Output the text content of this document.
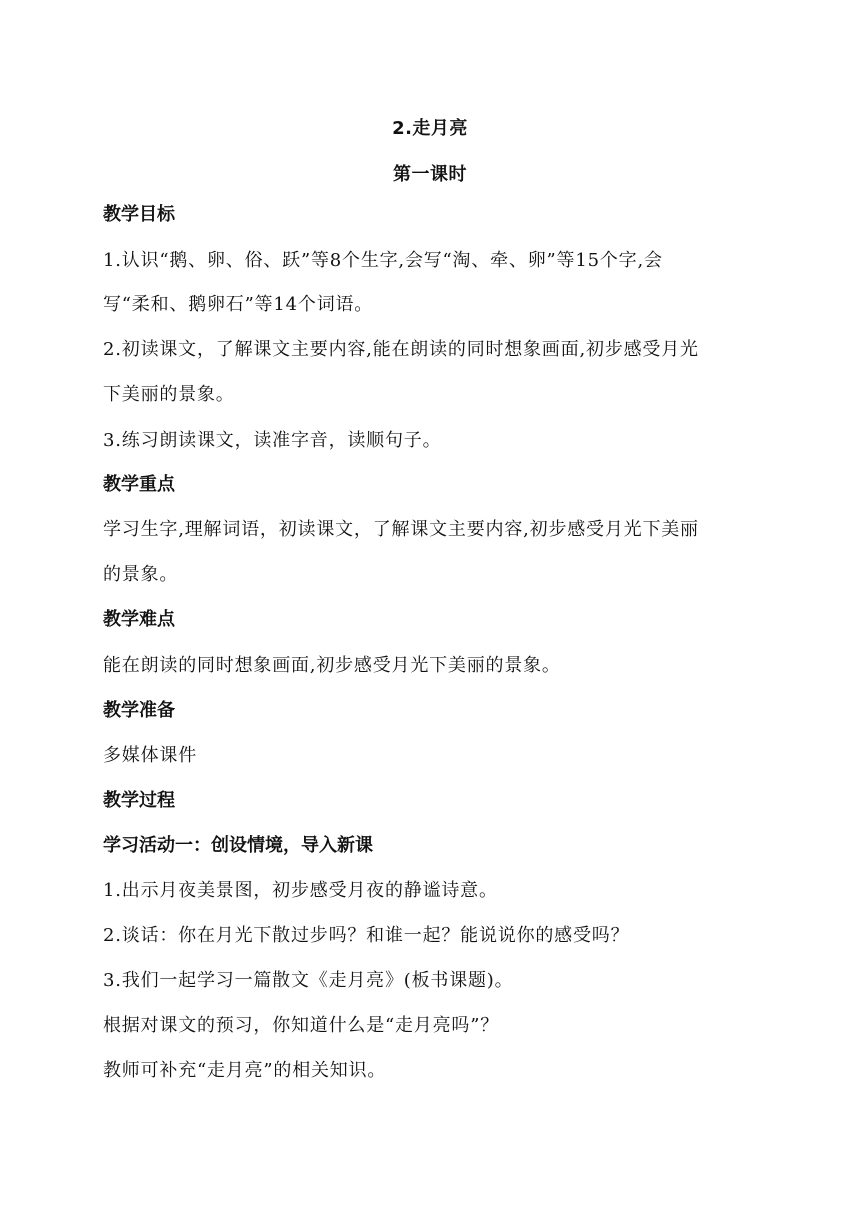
2.走月亮
第一课时
教学目标
1.认识“鹅、卵、俗、跃”等8个生字,会写“淘、牵、卵”等15个字,会
写“柔和、鹅卵石”等14个词语。
2.初读课文，了解课文主要内容,能在朗读的同时想象画面,初步感受月光
下美丽的景象。
3.练习朗读课文，读准字音，读顺句子。
教学重点
学习生字,理解词语，初读课文，了解课文主要内容,初步感受月光下美丽
的景象。
教学难点
能在朗读的同时想象画面,初步感受月光下美丽的景象。
教学准备
多媒体课件
教学过程
学习活动一：创设情境，导入新课
1.出示月夜美景图，初步感受月夜的静谧诗意。
2.谈话：你在月光下散过步吗？和谁一起？能说说你的感受吗？
3.我们一起学习一篇散文《走月亮》(板书课题)。
根据对课文的预习，你知道什么是“走月亮吗”？
教师可补充“走月亮”的相关知识。
